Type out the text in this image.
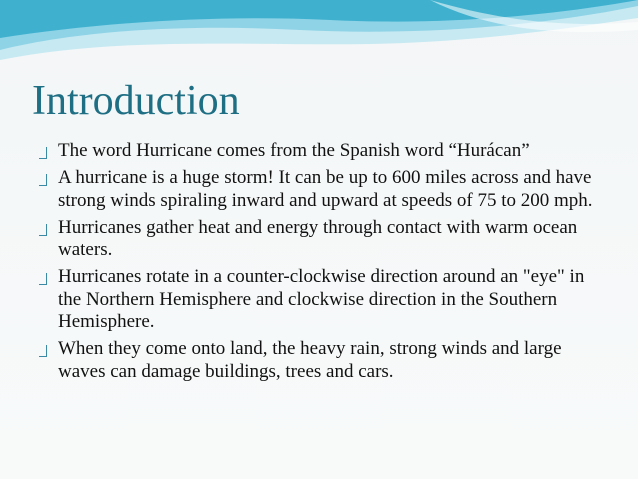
Introduction
The word Hurricane comes from the Spanish word “Hurácan”
A hurricane is a huge storm! It can be up to 600 miles across and have strong winds spiraling inward and upward at speeds of 75 to 200 mph.
Hurricanes gather heat and energy through contact with warm ocean waters.
Hurricanes rotate in a counter-clockwise direction around an "eye" in the Northern Hemisphere and clockwise direction in the Southern Hemisphere.
When they come onto land, the heavy rain, strong winds and large waves can damage buildings, trees and cars.
